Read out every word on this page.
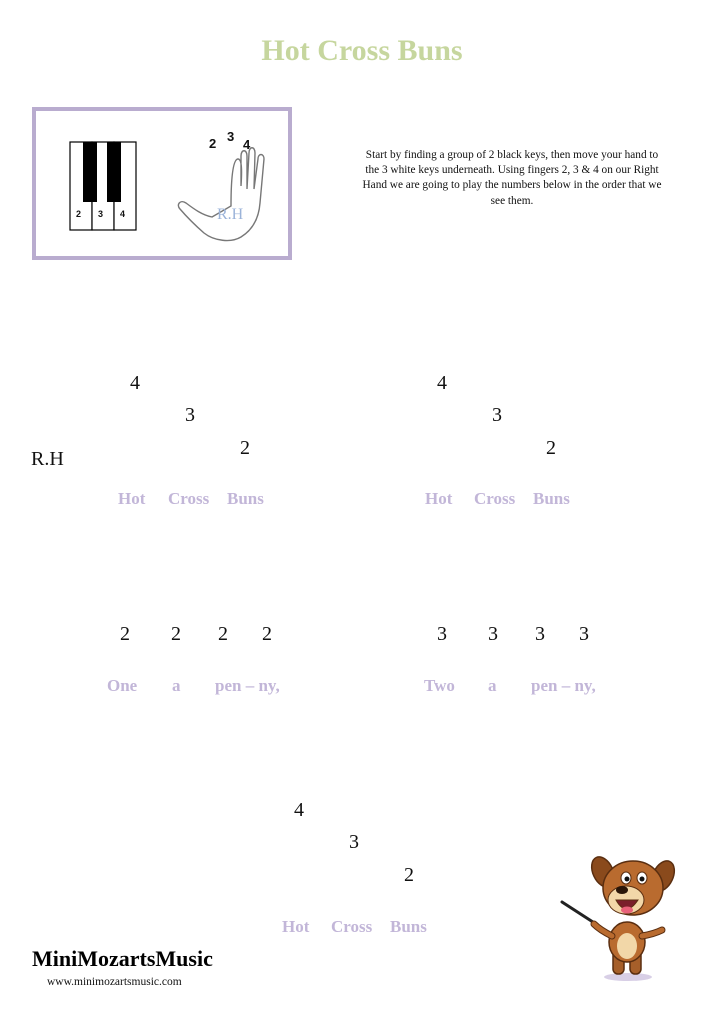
Hot Cross Buns
2 3 4
2 3
4
R.H
Start by finding a group of 2 black keys, then move your hand to the 3 white keys underneath. Using fingers 2, 3 & 4 on our Right Hand we are going to play the numbers below in the order that we see them.
R.H
4
3
2
Hot Cross Buns
4
3
2
Hot Cross Buns
2 2 2 2
One a pen – ny,
3 3 3 3
Two a pen – ny,
4
3
2
Hot Cross Buns
MiniMozartsMusic
www.minimozartsmusic.com
